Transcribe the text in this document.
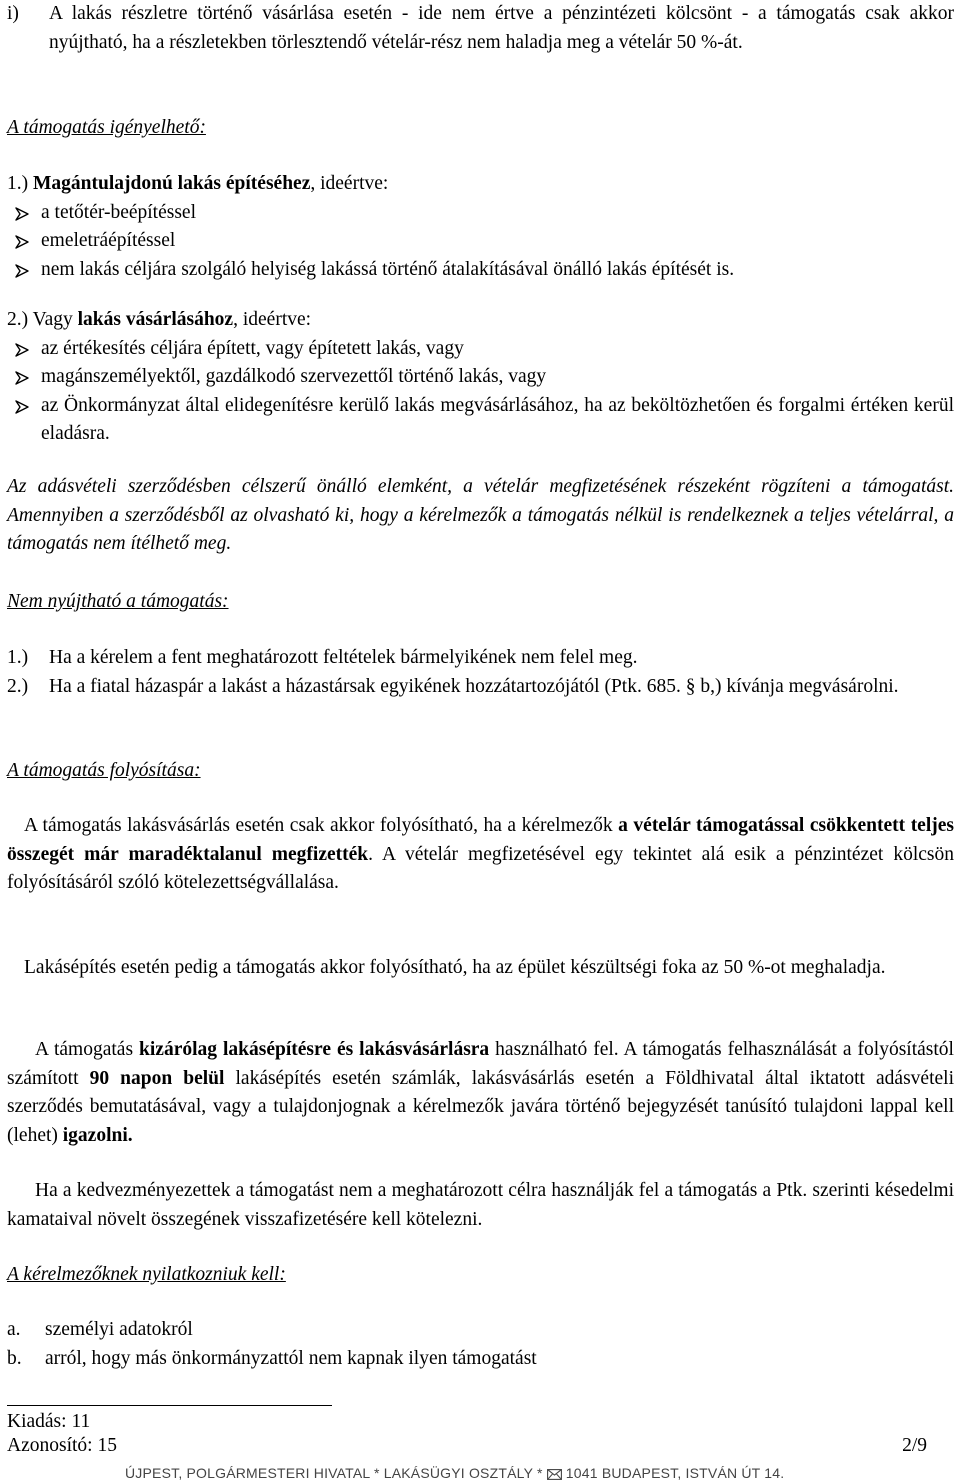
i)	A lakás részletre történő vásárlása esetén - ide nem értve a pénzintézeti kölcsönt - a támogatás csak akkor nyújtható, ha a részletekben törlesztendő vételár-rész nem haladja meg a vételár 50 %-át.
A támogatás igényelhető:
1.) Magántulajdonú lakás építéséhez, ideértve:
a tetőtér-beépítéssel
emeletráépítéssel
nem lakás céljára szolgáló helyiség lakássá történő átalakításával önálló lakás építését is.
2.) Vagy lakás vásárlásához, ideértve:
az értékesítés céljára épített, vagy építetett lakás, vagy
magánszemélyektől, gazdálkodó szervezettől történő lakás, vagy
az Önkormányzat által elidegenítésre kerülő lakás megvásárlásához, ha az beköltözhetően és forgalmi értéken kerül eladásra.
Az adásvételi szerződésben célszerű önálló elemként, a vételár megfizetésének részeként rögzíteni a támogatást. Amennyiben a szerződésből az olvasható ki, hogy a kérelmezők a támogatás nélkül is rendelkeznek a teljes vételárral, a támogatás nem ítélhető meg.
Nem nyújtható a támogatás:
1.)	Ha a kérelem a fent meghatározott feltételek bármelyikének nem felel meg.
2.)	Ha a fiatal házaspár a lakást a házastársak egyikének hozzátartozójától (Ptk. 685. § b,) kívánja megvásárolni.
A támogatás folyósítása:
A támogatás lakásvásárlás esetén csak akkor folyósítható, ha a kérelmezők a vételár támogatással csökkentett teljes összegét már maradéktalanul megfizették. A vételár megfizetésével egy tekintet alá esik a pénzintézet kölcsön folyósításáról szóló kötelezettségvállalása.
Lakásépítés esetén pedig a támogatás akkor folyósítható, ha az épület készültségi foka az 50 %-ot meghaladja.
A támogatás kizárólag lakásépítésre és lakásvásárlásra használható fel. A támogatás felhasználását a folyósítástól számított 90 napon belül lakásépítés esetén számlák, lakásvásárlás esetén a Földhivatal által iktatott adásvételi szerződés bemutatásával, vagy a tulajdonjognak a kérelmezők javára történő bejegyzését tanúsító tulajdoni lappal kell (lehet) igazolni.
Ha a kedvezményezettek a támogatást nem a meghatározott célra használják fel a támogatás a Ptk. szerinti késedelmi kamataival növelt összegének visszafizetésére kell kötelezni.
A kérelmezőknek nyilatkozniuk kell:
a.	személyi adatokról
b.	arról, hogy más önkormányzattól nem kapnak ilyen támogatást
Kiadás: 11
Azonosító: 15	2/9
ÚJPEST, POLGÁRMESTERI HIVATAL * LAKÁSÜGYI OSZTÁLY *  1041 BUDAPEST, ISTVÁN ÚT 14.
